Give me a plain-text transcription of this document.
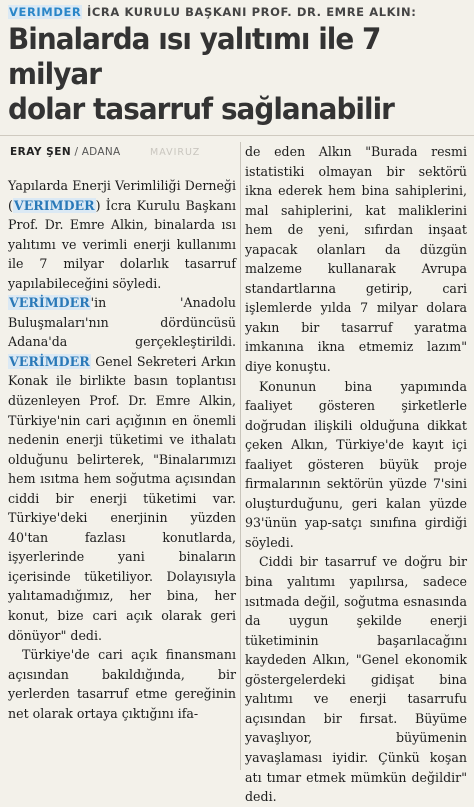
VERIMDER İCRA KURULU BAŞKANI PROF. DR. EMRE ALKIN:
Binalarda ısı yalıtımı ile 7 milyar
dolar tasarruf sağlanabilir
ERAY ŞEN / ADANA	MAVIRUZ

Yapılarda Enerji Verimliliği Derneği (VERIMDER) İcra Kurulu Başkanı Prof. Dr. Emre Alkin, binalarda ısı yalıtımı ve verimli enerji kullanımı ile 7 milyar dolarlık tasarruf yapılabileceğini söyledi.

VERİMDER'in 'Anadolu Buluşmaları'nın dördüncüsü Adana'da gerçekleştirildi. VERİMDER Genel Sekreteri Arkın Konak ile birlikte basın toplantısı düzenleyen Prof. Dr. Emre Alkin, Türkiye'nin cari açığının en önemli nedenin enerji tüketimi ve ithalatı olduğunu belirterek, "Binalarımızı hem ısıtma hem soğutma açısından ciddi bir enerji tüketimi var. Türkiye'deki enerjinin yüzden 40'tan fazlası konutlarda, işyerlerinde yani binaların içerisinde tüketiliyor. Dolayısıyla yalıtamadığımız, her bina, her konut, bize cari açık olarak geri dönüyor" dedi.

Türkiye'de cari açık finansmanı açısından bakıldığında, bir yerlerden tasarruf etme gereğinin net olarak ortaya çıktığını ifa-

de eden Alkın "Burada resmi istatistiki olmayan bir sektörü ikna ederek hem bina sahiplerini, mal sahiplerini, kat maliklerini hem de yeni, sıfırdan inşaat yapacak olanları da düzgün malzeme kullanarak Avrupa standartlarına getirip, cari işlemlerde yılda 7 milyar dolara yakın bir tasarruf yaratma imkanına ikna etmemiz lazım" diye konuştu.

Konunun bina yapımında faaliyet gösteren şirketlerle doğrudan ilişkili olduğuna dikkat çeken Alkın, Türkiye'de kayıt içi faaliyet gösteren büyük proje firmalarının sektörün yüzde 7'sini oluşturduğunu, geri kalan yüzde 93'ünün yap-satçı sınıfına girdiği söyledi.

Ciddi bir tasarruf ve doğru bir bina yalıtımı yapılırsa, sadece ısıtmada değil, soğutma esnasında da uygun şekilde enerji tüketiminin başarılacağını kaydeden Alkın, "Genel ekonomik göstergelerdeki gidişat bina yalıtımı ve enerji tasarrufu açısından bir fırsat. Büyüme yavaşlıyor, büyümenin yavaşlaması iyidir. Çünkü koşan atı tımar etmek mümkün değildir" dedi.
